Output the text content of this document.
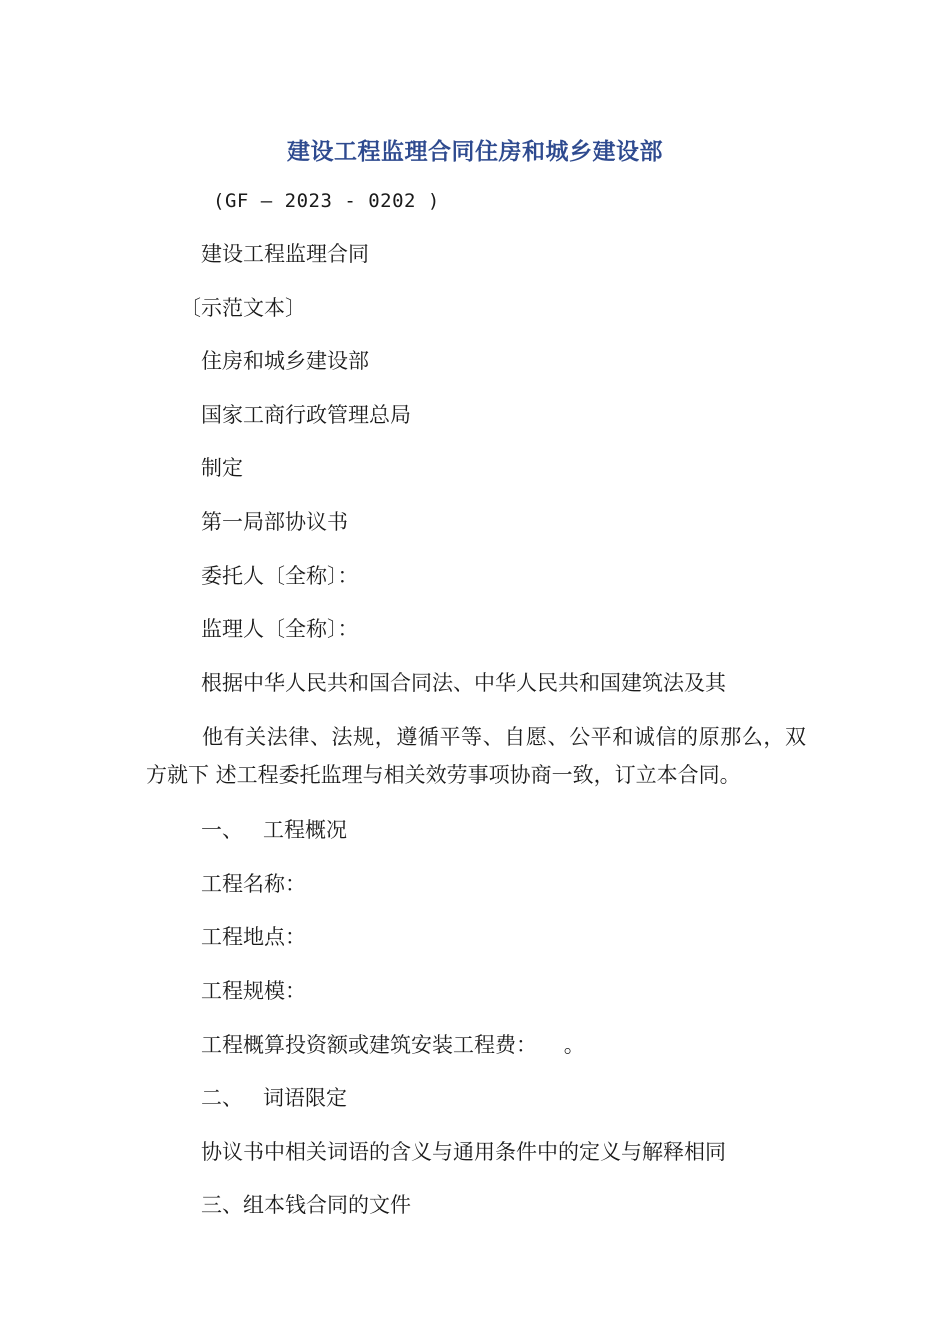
建设工程监理合同住房和城乡建设部
(GF — 2023 - 0202 )
建设工程监理合同
〔示范文本〕
住房和城乡建设部
国家工商行政管理总局
制定
第一局部协议书
委托人〔全称〕：
监理人〔全称〕：
根据中华人民共和国合同法、中华人民共和国建筑法及其
他有关法律、法规，遵循平等、自愿、公平和诚信的原那么，双方就下 述工程委托监理与相关效劳事项协商一致，订立本合同。
一、   工程概况
工程名称：
工程地点：
工程规模：
工程概算投资额或建筑安装工程费：    。
二、   词语限定
协议书中相关词语的含义与通用条件中的定义与解释相同
三、组本钱合同的文件
